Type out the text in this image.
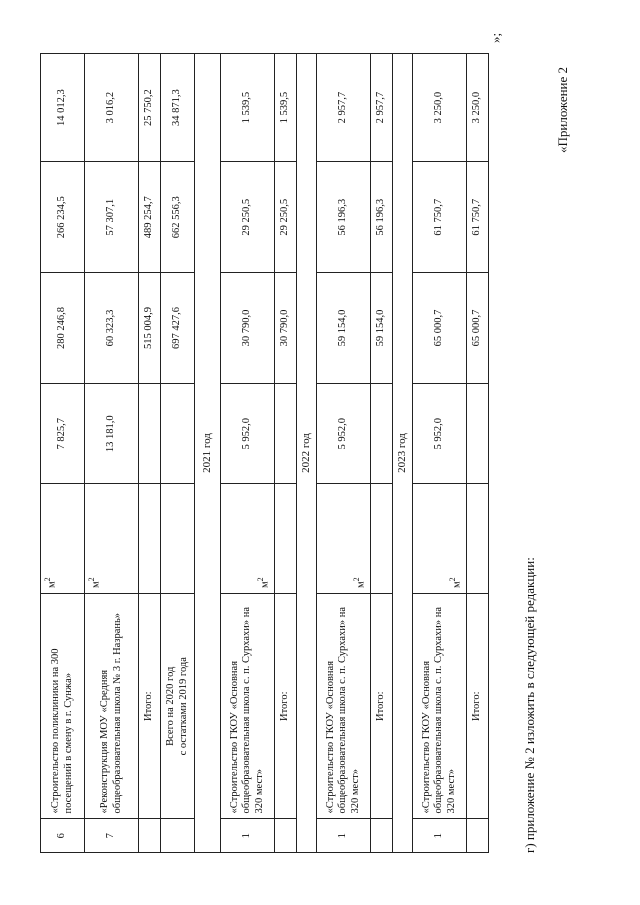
6	«Строительство поликлиники на 300 посещений в смену в г. Сунжа»	$м^2$	7 825,7	280 246,8	266 234,5	14 012,3
7	«Реконструкция МОУ «Средняя общеобразовательная школа № 3 г. Назрань»	$м^2$	13 181,0	60 323,3	57 307,1	3 016,2
	Итого:			515 004,9	489 254,7	25 750,2
	Всего на 2020 год с остатками 2019 года			697 427,6	662 556,3	34 871,3
2021 год						
1	«Строительство ГКОУ «Основная общеобразовательная школа с. п. Сурхахи» на 320 мест»	$м^2$	5 952,0	30 790,0	29 250,5	1 539,5
	Итого:			30 790,0	29 250,5	1 539,5
2022 год						
1	«Строительство ГКОУ «Основная общеобразовательная школа с. п. Сурхахи» на 320 мест»	$м^2$	5 952,0	59 154,0	56 196,3	2 957,7
	Итого:			59 154,0	56 196,3	2 957,7
2023 год						
1	«Строительство ГКОУ «Основная общеобразовательная школа с. п. Сурхахи» на 320 мест»	$м^2$	5 952,0	65 000,7	61 750,7	3 250,0
	Итого:			65 000,7	61 750,7	3 250,0
»;
г) приложение № 2 изложить в следующей редакции:
«Приложение 2
